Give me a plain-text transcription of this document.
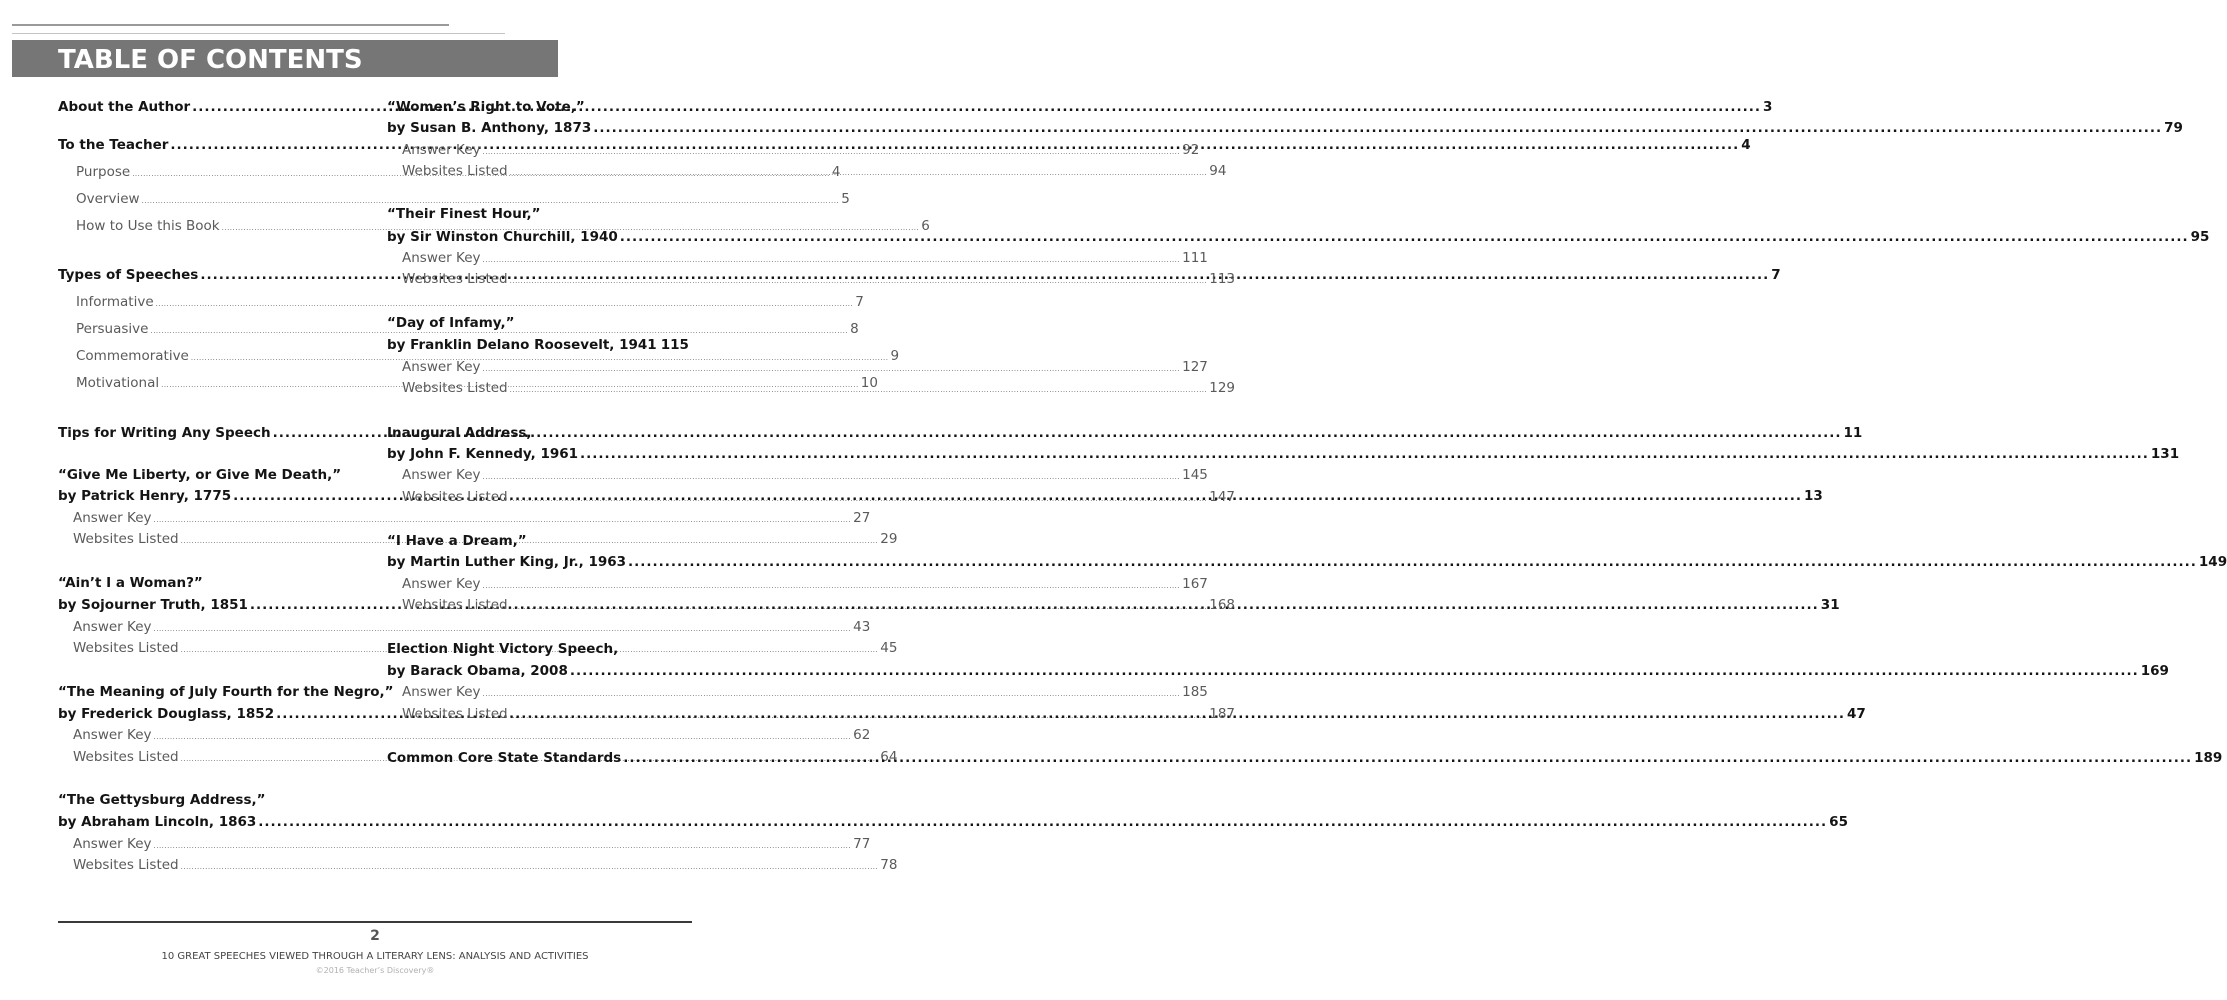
TABLE OF CONTENTS
About the Author .....	3
To the Teacher .....	4
Purpose .....	4
Overview .....	5
How to Use this Book .....	6
Types of Speeches .....	7
Informative .....	7
Persuasive .....	8
Commemorative .....	9
Motivational .....	10
Tips for Writing Any Speech .....	11
“Give Me Liberty, or Give Me Death,”
by Patrick Henry, 1775 .....	13
Answer Key .....	27
Websites Listed .....	29
“Ain’t I a Woman?”
by Sojourner Truth, 1851 .....	31
Answer Key .....	43
Websites Listed .....	45
“The Meaning of July Fourth for the Negro,”
by Frederick Douglass, 1852 .....	47
Answer Key .....	62
Websites Listed .....	64
“The Gettysburg Address,”
by Abraham Lincoln, 1863 .....	65
Answer Key .....	77
Websites Listed .....	78
“Women’s Right to Vote,”
by Susan B. Anthony, 1873 .....	79
Answer Key .....	92
Websites Listed .....	94
“Their Finest Hour,”
by Sir Winston Churchill, 1940 .....	95
Answer Key .....	111
Websites Listed .....	113
“Day of Infamy,”
by Franklin Delano Roosevelt, 1941 115
Answer Key .....	127
Websites Listed .....	129
Inaugural Address,
by John F. Kennedy, 1961 .....	131
Answer Key .....	145
Websites Listed .....	147
“I Have a Dream,”
by Martin Luther King, Jr., 1963 .....	149
Answer Key .....	167
Websites Listed .....	168
Election Night Victory Speech,
by Barack Obama, 2008 .....	169
Answer Key .....	185
Websites Listed .....	187
Common Core State Standards .....	189
2
10 GREAT SPEECHES VIEWED THROUGH A LITERARY LENS: ANALYSIS AND ACTIVITIES
©2016 Teacher’s Discovery®
